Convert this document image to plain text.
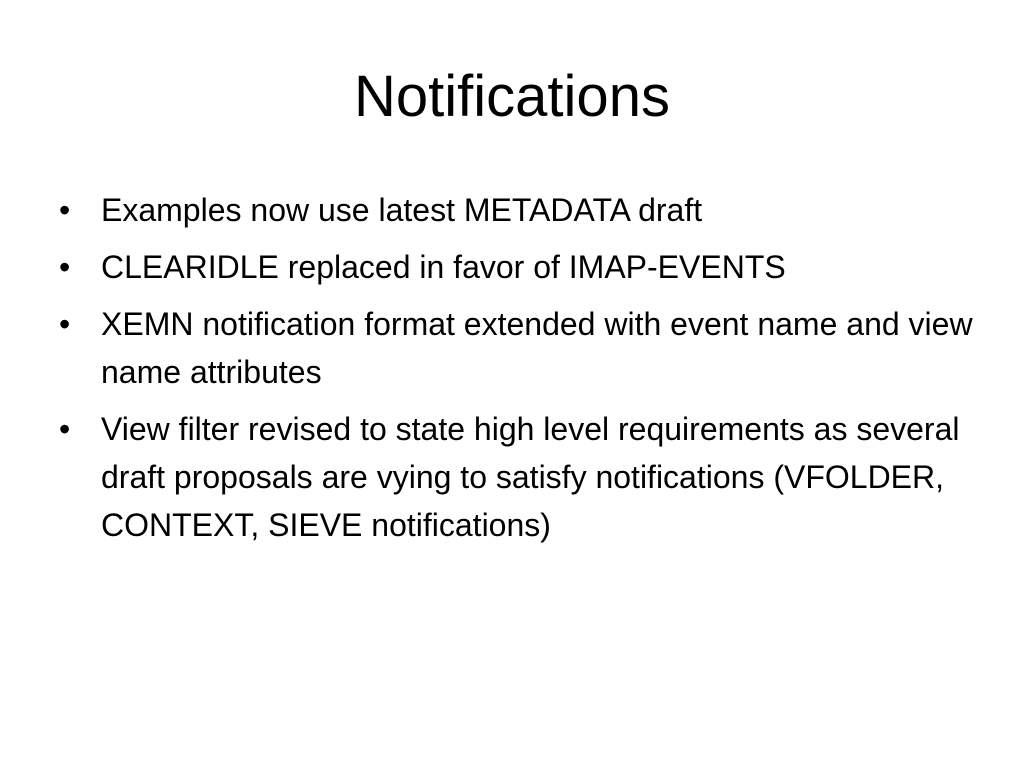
Notifications
• Examples now use latest METADATA draft
• CLEARIDLE replaced in favor of IMAP-EVENTS
• XEMN notification format extended with event name and view name attributes
• View filter revised to state high level requirements as several draft proposals are vying to satisfy notifications (VFOLDER, CONTEXT, SIEVE notifications)
